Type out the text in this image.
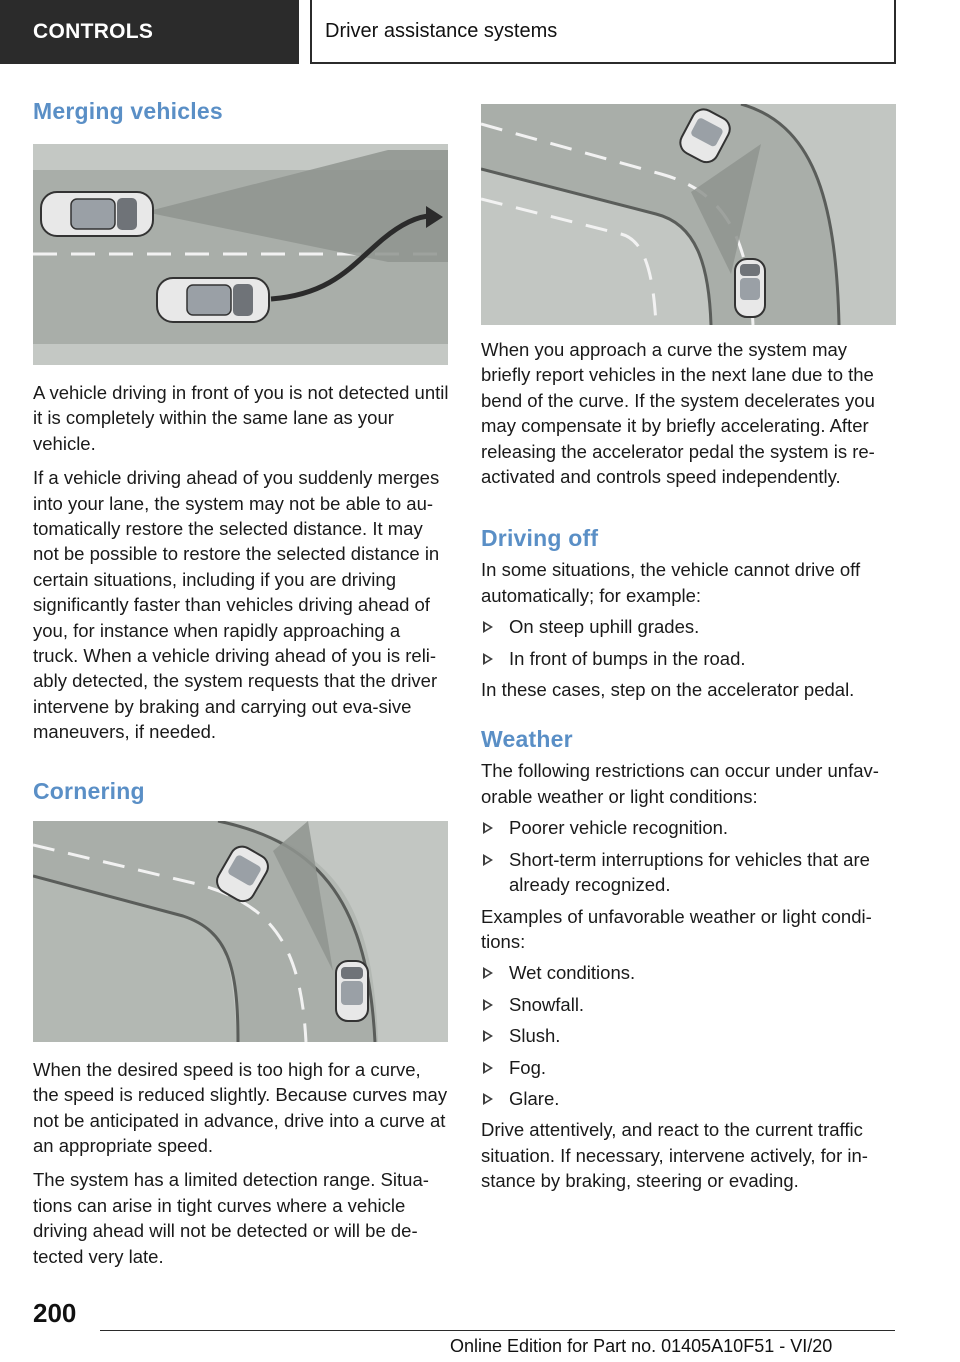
CONTROLS	Driver assistance systems
Merging vehicles

A vehicle driving in front of you is not detected until it is completely within the same lane as your vehicle.

If a vehicle driving ahead of you suddenly merges into your lane, the system may not be able to au-tomatically restore the selected distance. It may not be possible to restore the selected distance in certain situations, including if you are driving significantly faster than vehicles driving ahead of you, for instance when rapidly approaching a truck. When a vehicle driving ahead of you is reli-ably detected, the system requests that the driver intervene by braking and carrying out eva-sive maneuvers, if needed.

Cornering

When the desired speed is too high for a curve, the speed is reduced slightly. Because curves may not be anticipated in advance, drive into a curve at an appropriate speed.

The system has a limited detection range. Situa-tions can arise in tight curves where a vehicle driving ahead will not be detected or will be de-tected very late.

When you approach a curve the system may briefly report vehicles in the next lane due to the bend of the curve. If the system decelerates you may compensate it by briefly accelerating. After releasing the accelerator pedal the system is re-activated and controls speed independently.

Driving off

In some situations, the vehicle cannot drive off automatically; for example:

On steep uphill grades.
In front of bumps in the road.

In these cases, step on the accelerator pedal.

Weather

The following restrictions can occur under unfav-orable weather or light conditions:

Poorer vehicle recognition.
Short-term interruptions for vehicles that are already recognized.

Examples of unfavorable weather or light condi-tions:

Wet conditions.
Snowfall.
Slush.
Fog.
Glare.

Drive attentively, and react to the current traffic situation. If necessary, intervene actively, for in-stance by braking, steering or evading.

200
Online Edition for Part no. 01405A10F51 - VI/20
